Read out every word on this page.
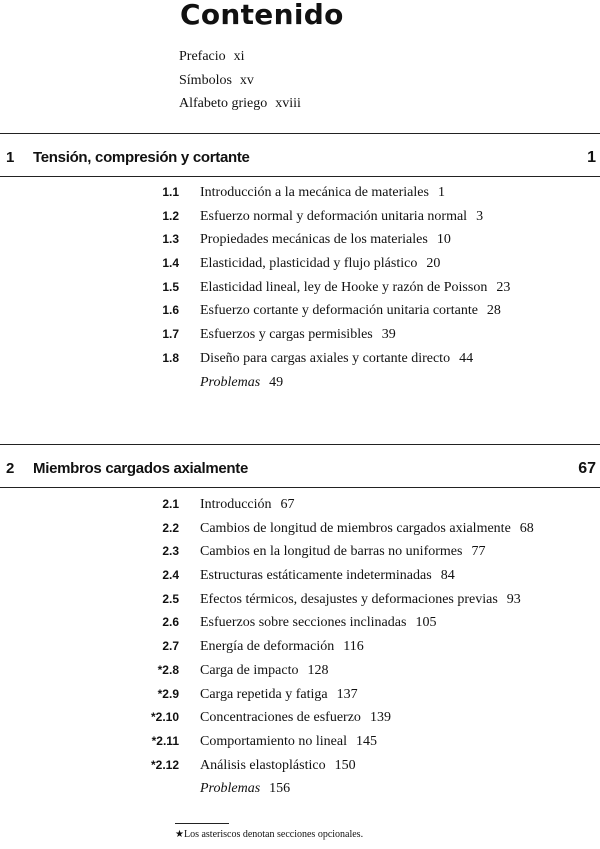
Contenido
Prefacio xi
Símbolos xv
Alfabeto griego xviii
1 Tensión, compresión y cortante	1
1.1 Introducción a la mecánica de materiales 1
1.2 Esfuerzo normal y deformación unitaria normal 3
1.3 Propiedades mecánicas de los materiales 10
1.4 Elasticidad, plasticidad y flujo plástico 20
1.5 Elasticidad lineal, ley de Hooke y razón de Poisson 23
1.6 Esfuerzo cortante y deformación unitaria cortante 28
1.7 Esfuerzos y cargas permisibles 39
1.8 Diseño para cargas axiales y cortante directo 44
Problemas 49
2 Miembros cargados axialmente	67
2.1 Introducción 67
2.2 Cambios de longitud de miembros cargados axialmente 68
2.3 Cambios en la longitud de barras no uniformes 77
2.4 Estructuras estáticamente indeterminadas 84
2.5 Efectos térmicos, desajustes y deformaciones previas 93
2.6 Esfuerzos sobre secciones inclinadas 105
2.7 Energía de deformación 116
*2.8 Carga de impacto 128
*2.9 Carga repetida y fatiga 137
*2.10 Concentraciones de esfuerzo 139
*2.11 Comportamiento no lineal 145
*2.12 Análisis elastoplástico 150
Problemas 156
★Los asteriscos denotan secciones opcionales.
